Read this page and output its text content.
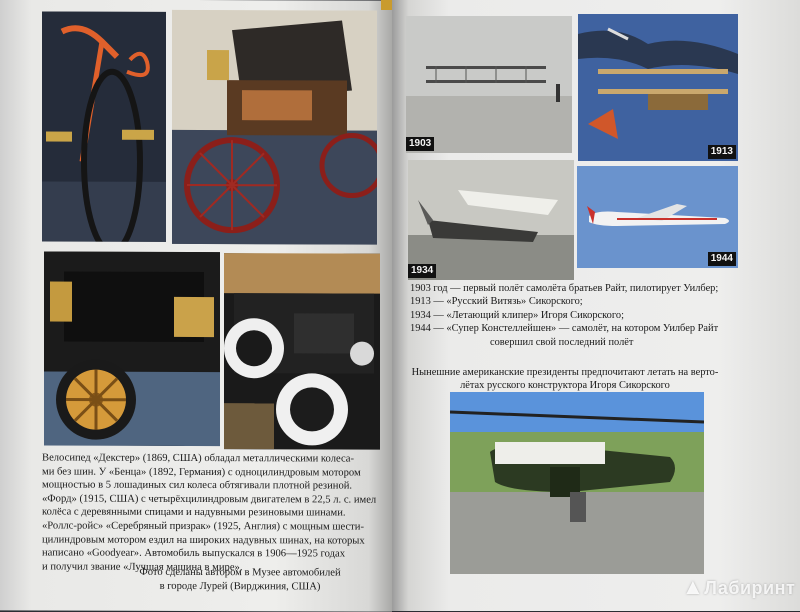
Велосипед «Декстер» (1869, США) обладал металлическими колеса-

ми без шин. У «Бенца» (1892, Германия) с одноцилиндровым мотором

мощностью в 5 лошадиных сил колеса обтягивали плотной резиной.

«Форд» (1915, США) с четырёхцилиндровым двигателем в 22,5 л. с. имел

колёса с деревянными спицами и надувными резиновыми шинами.

«Роллс-ройс» «Серебряный призрак» (1925, Англия) с мощным шести-

цилиндровым мотором ездил на широких надувных шинах, на которых

написано «Goodyear». Автомобиль выпускался в 1906—1925 годах

и получил звание «Лучшая машина в мире».

Фото сделаны автором в Музее автомобилей
в городе Лурей (Вирджиния, США)
1903
1913
1934
1944
1903 год — первый полёт самолёта братьев Райт, пилотирует Уилбер;
1913 — «Русский Витязь» Сикорского;
1934 — «Летающий клипер» Игоря Сикорского;
1944 — «Супер Констеллейшен» — самолёт, на котором Уилбер Райт
совершил свой последний полёт
Нынешние американские президенты предпочитают летать на верто-
лётах русского конструктора Игоря Сикорского
▲Лабиринт
